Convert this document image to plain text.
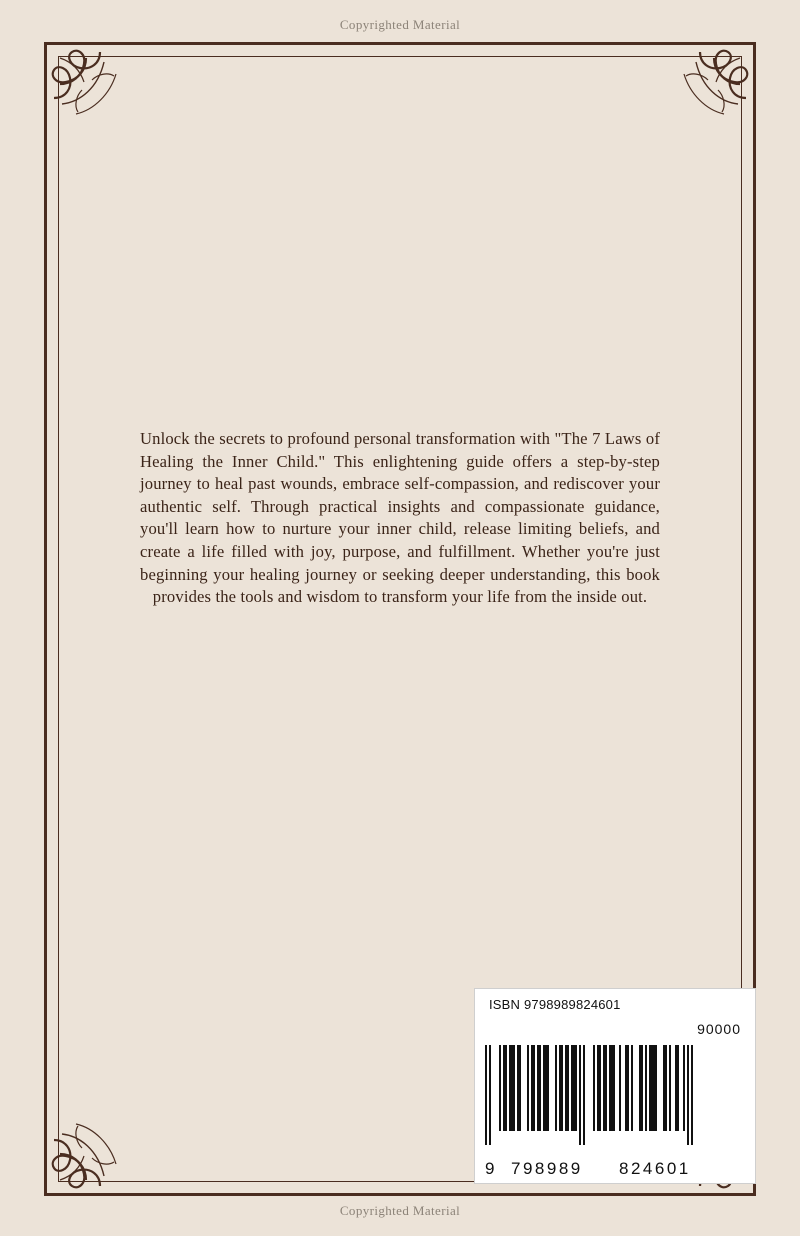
Copyrighted Material
Unlock the secrets to profound personal transformation with "The 7 Laws of Healing the Inner Child." This enlightening guide offers a step-by-step journey to heal past wounds, embrace self-compassion, and rediscover your authentic self. Through practical insights and compassionate guidance, you'll learn how to nurture your inner child, release limiting beliefs, and create a life filled with joy, purpose, and fulfillment. Whether you're just beginning your healing journey or seeking deeper understanding, this book provides the tools and wisdom to transform your life from the inside out.
ISBN 9798989824601
90000
9 798989 824601
Copyrighted Material
